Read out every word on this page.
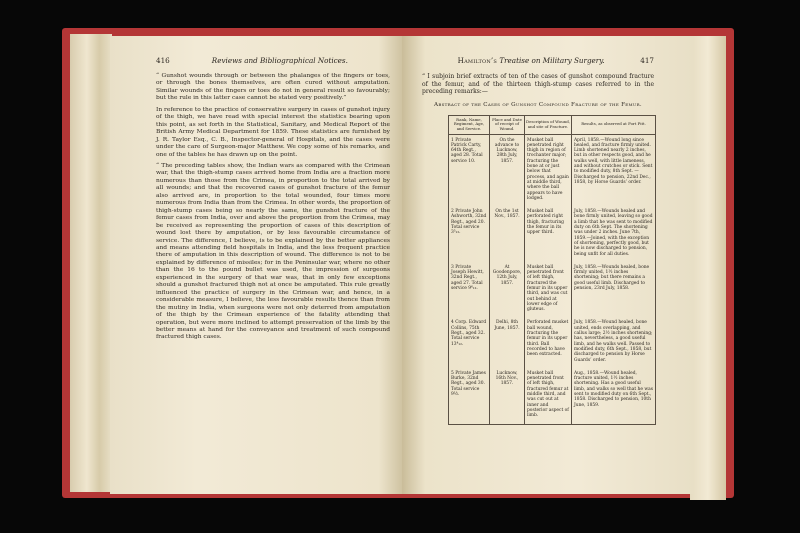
416	Reviews and Bibliographical Notices.

“ Gunshot wounds through or between the phalanges of the fingers or toes, or through the bones themselves, are often cured without amputation. Similar wounds of the fingers or toes do not in general result so favourably; but the rule in this latter case cannot be stated very positively.”

In reference to the practice of conservative surgery in cases of gunshot injury of the thigh, we have read with special interest the statistics bearing upon this point, as set forth in the Statistical, Sanitary, and Medical Report of the British Army Medical Department for 1859. These statistics are furnished by J. R. Taylor Esq., C. B., Inspector-general of Hospitals, and the cases were under the care of Surgeon-major Matthew. We copy some of his remarks, and one of the tables he has drawn up on the point.

“ The preceding tables show, the Indian wars as compared with the Crimean war, that the thigh-stump cases arrived home from India are a fraction more numerous than those from the Crimea, in proportion to the total arrived by all wounds; and that the recovered cases of gunshot fracture of the femur also arrived are, in proportion to the total wounded, four times more numerous from India than from the Crimea. In other words, the proportion of thigh-stump cases being so nearly the same, the gunshot fracture of the femur cases from India, over and above the proportion from the Crimea, may be received as representing the proportion of cases of this description of wound lost there by amputation, or by less favourable circumstance of service. The difference, I believe, is to be explained by the better appliances and means attending field hospitals in India, and the less frequent practice there of amputation in this description of wound. The difference is not to be explained by difference of missiles; for in the Peninsular war, where no other than the 16 to the pound bullet was used, the impression of surgeons experienced in the surgery of that war was, that in only few exceptions should a gunshot fractured thigh not at once be amputated. This rule greatly influenced the practice of surgery in the Crimean war, and hence, in a considerable measure, I believe, the less favourable results thence than from the mutiny in India, when surgeons were not only deterred from amputation of the thigh by the Crimean experience of the fatality attending that operation, but were more inclined to attempt preservation of the limb by the better means at hand for the conveyance and treatment of such compound fractured thigh cases.

Hamilton’s Treatise on Military Surgery.	417

“ I subjoin brief extracts of ten of the cases of gunshot compound fracture of the femur, and of the thirteen thigh-stump cases referred to in the preceding remarks:—

Abstract of the Cases of Gunshot Compound Fracture of the Femur.
Rank, Name, Regiment, Age, and Service.	Place and Date of receipt of Wound.	Description of Wound, and site of Fracture.	Results, as observed at Fort Pitt.
1 Private Patrick Carty, 64th Regt., aged 28. Total service 10.	On the advance to Lucknow, 28th July, 1857.	Musket ball penetrated right thigh in region of trochanter major; fracturing the bone at or just below that process, and again at middle third, where the ball appears to have lodged.	April, 1858.—Wound long since healed, and fracture firmly united. Limb shortened nearly 2 inches, but in other respects good, and he walks well, with little lameness, and without crutches or stick. Sent to modified duty, 8th Sept. —Discharged to pension, 22nd Dec., 1858, by Horse Guards’ order.
2 Private John Ashworth, 32nd Regt., aged 20. Total service 3⁵₁₂.	On the 1st Nov., 1857.	Musket ball perforated right thigh, fracturing the femur in its upper third.	July, 1858.—Wounds healed and bone firmly united, leaving so good a limb that he was sent to modified duty on 6th Sept. The shortening was under 2 inches. June 7th, 1859.—Joined, with the exception of shortening, perfectly good, but he is now discharged to pension, being unfit for all duties.
3 Private Joseph Hewitt, 32nd Regt., aged 27. Total service 9⁶₁₂.	At Goodenpore, 12th July, 1857.	Musket ball penetrated front of left thigh, fractured the femur in its upper third, and was cut out behind at lower edge of gluteus.	July, 1858.—Wounds healed, bone firmly united, 1½ inches shortening; but there remains a good useful limb. Discharged to pension, 23rd July, 1858.
4 Corp. Edward Collins, 75th Regt., aged 32. Total service 13⁴₁₂.	Delhi, 8th June, 1857.	Perforated musket ball wound, fracturing the femur in its upper third. Ball recorded to have been extracted.	July, 1858.—Wound healed, bone united, ends overlapping, and callus large; 2½ inches shortening; has, nevertheless, a good useful limb, and he walks well. Passed to modified duty, 6th Sept., 1858, but discharged to pension by Horse Guards’ order.
5 Private James Burke, 32nd Regt., aged 30. Total service 9½.	Lucknow, 16th Nov., 1857.	Musket ball penetrated front of left thigh, fractured femur at middle third, and was cut out at inner and posterior aspect of limb.	Aug., 1858.—Wound healed, fracture united, 1½ inches shortening. Has a good useful limb, and walks so well that he was sent to modified duty on 6th Sept., 1858. Discharged to pension, 10th June, 1859.
